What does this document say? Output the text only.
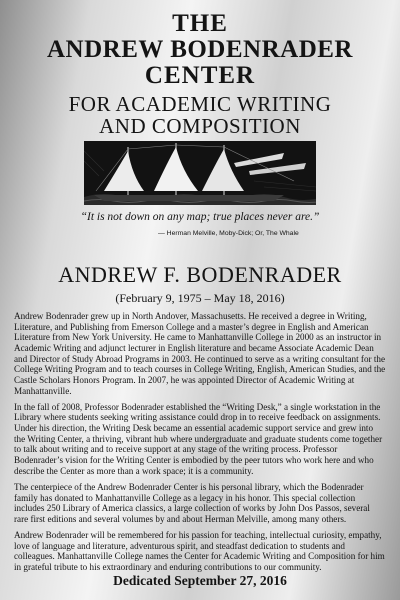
THE
ANDREW BODENRADER
CENTER
FOR ACADEMIC WRITING
AND COMPOSITION
“It is not down on any map; true places never are.”
— Herman Melville, Moby-Dick; Or, The Whale
ANDREW F. BODENRADER
(February 9, 1975 – May 18, 2016)

Andrew Bodenrader grew up in North Andover, Massachusetts. He received a degree in Writing, Literature, and Publishing from Emerson College and a master’s degree in English and American Literature from New York University. He came to Manhattanville College in 2000 as an instructor in Academic Writing and adjunct lecturer in English literature and became Associate Academic Dean and Director of Study Abroad Programs in 2003. He continued to serve as a writing consultant for the College Writing Program and to teach courses in College Writing, English, American Studies, and the Castle Scholars Honors Program. In 2007, he was appointed Director of Academic Writing at Manhattanville.

In the fall of 2008, Professor Bodenrader established the “Writing Desk,” a single workstation in the Library where students seeking writing assistance could drop in to receive feedback on assignments. Under his direction, the Writing Desk became an essential academic support service and grew into the Writing Center, a thriving, vibrant hub where undergraduate and graduate students come together to talk about writing and to receive support at any stage of the writing process. Professor Bodenrader’s vision for the Writing Center is embodied by the peer tutors who work here and who describe the Center as more than a work space; it is a community.

The centerpiece of the Andrew Bodenrader Center is his personal library, which the Bodenrader family has donated to Manhattanville College as a legacy in his honor. This special collection includes 250 Library of America classics, a large collection of works by John Dos Passos, several rare first editions and several volumes by and about Herman Melville, among many others.

Andrew Bodenrader will be remembered for his passion for teaching, intellectual curiosity, empathy, love of language and literature, adventurous spirit, and steadfast dedication to students and colleagues. Manhattanville College names the Center for Academic Writing and Composition for him in grateful tribute to his extraordinary and enduring contributions to our community.

Dedicated September 27, 2016
